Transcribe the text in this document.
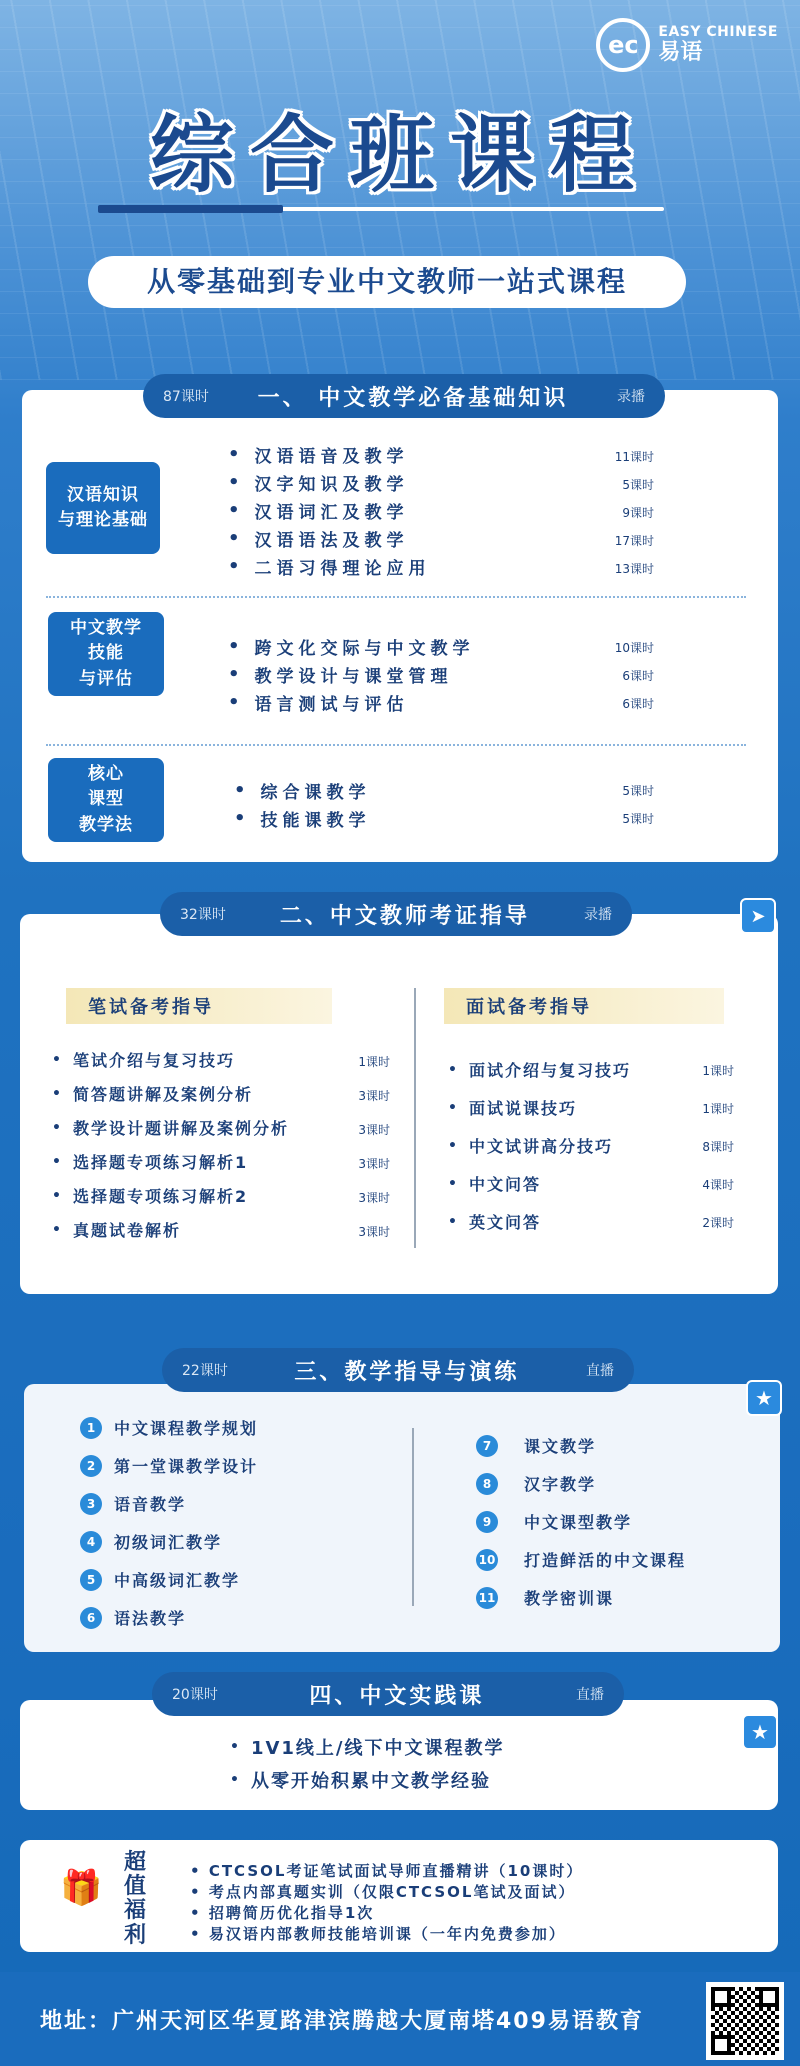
ec	EASY CHINESE
易语
综合班课程
从零基础到专业中文教师一站式课程
87课时 一、 中文教学必备基础知识	录播
汉语知识
与理论基础
• 汉语语音及教学	11课时
• 汉字知识及教学	5课时
• 汉语词汇及教学	9课时
• 汉语语法及教学	17课时
• 二语习得理论应用	13课时
中文教学
技能
与评估
• 跨文化交际与中文教学	10课时
• 教学设计与课堂管理	6课时
• 语言测试与评估	6课时
核心
课型
教学法
• 综合课教学	5课时
• 技能课教学	5课时
32课时 二、中文教师考证指导	录播	➤
笔试备考指导	面试备考指导
• 笔试介绍与复习技巧	1课时
• 简答题讲解及案例分析	3课时
• 教学设计题讲解及案例分析	3课时
• 选择题专项练习解析1	3课时
• 选择题专项练习解析2	3课时
• 真题试卷解析	3课时
• 面试介绍与复习技巧	1课时
• 面试说课技巧	1课时
• 中文试讲高分技巧	8课时
• 中文问答	4课时
• 英文问答	2课时
22课时	三、教学指导与演练	直播
★
1	中文课程教学规划
2	第一堂课教学设计
3	语音教学
4	初级词汇教学
5	中高级词汇教学
6	语法教学
7	课文教学
8	汉字教学
9	中文课型教学
10 打造鲜活的中文课程
11 教学密训课
20课时	四、中文实践课	直播
★
• 1V1线上/线下中文课程教学
• 从零开始积累中文教学经验
🎁
超
值
福
利
• CTCSOL考证笔试面试导师直播精讲（10课时）
• 考点内部真题实训（仅限CTCSOL笔试及面试）
• 招聘简历优化指导1次
• 易汉语内部教师技能培训课（一年内免费参加）
地址：广州天河区华夏路津滨腾越大厦南塔409易语教育
